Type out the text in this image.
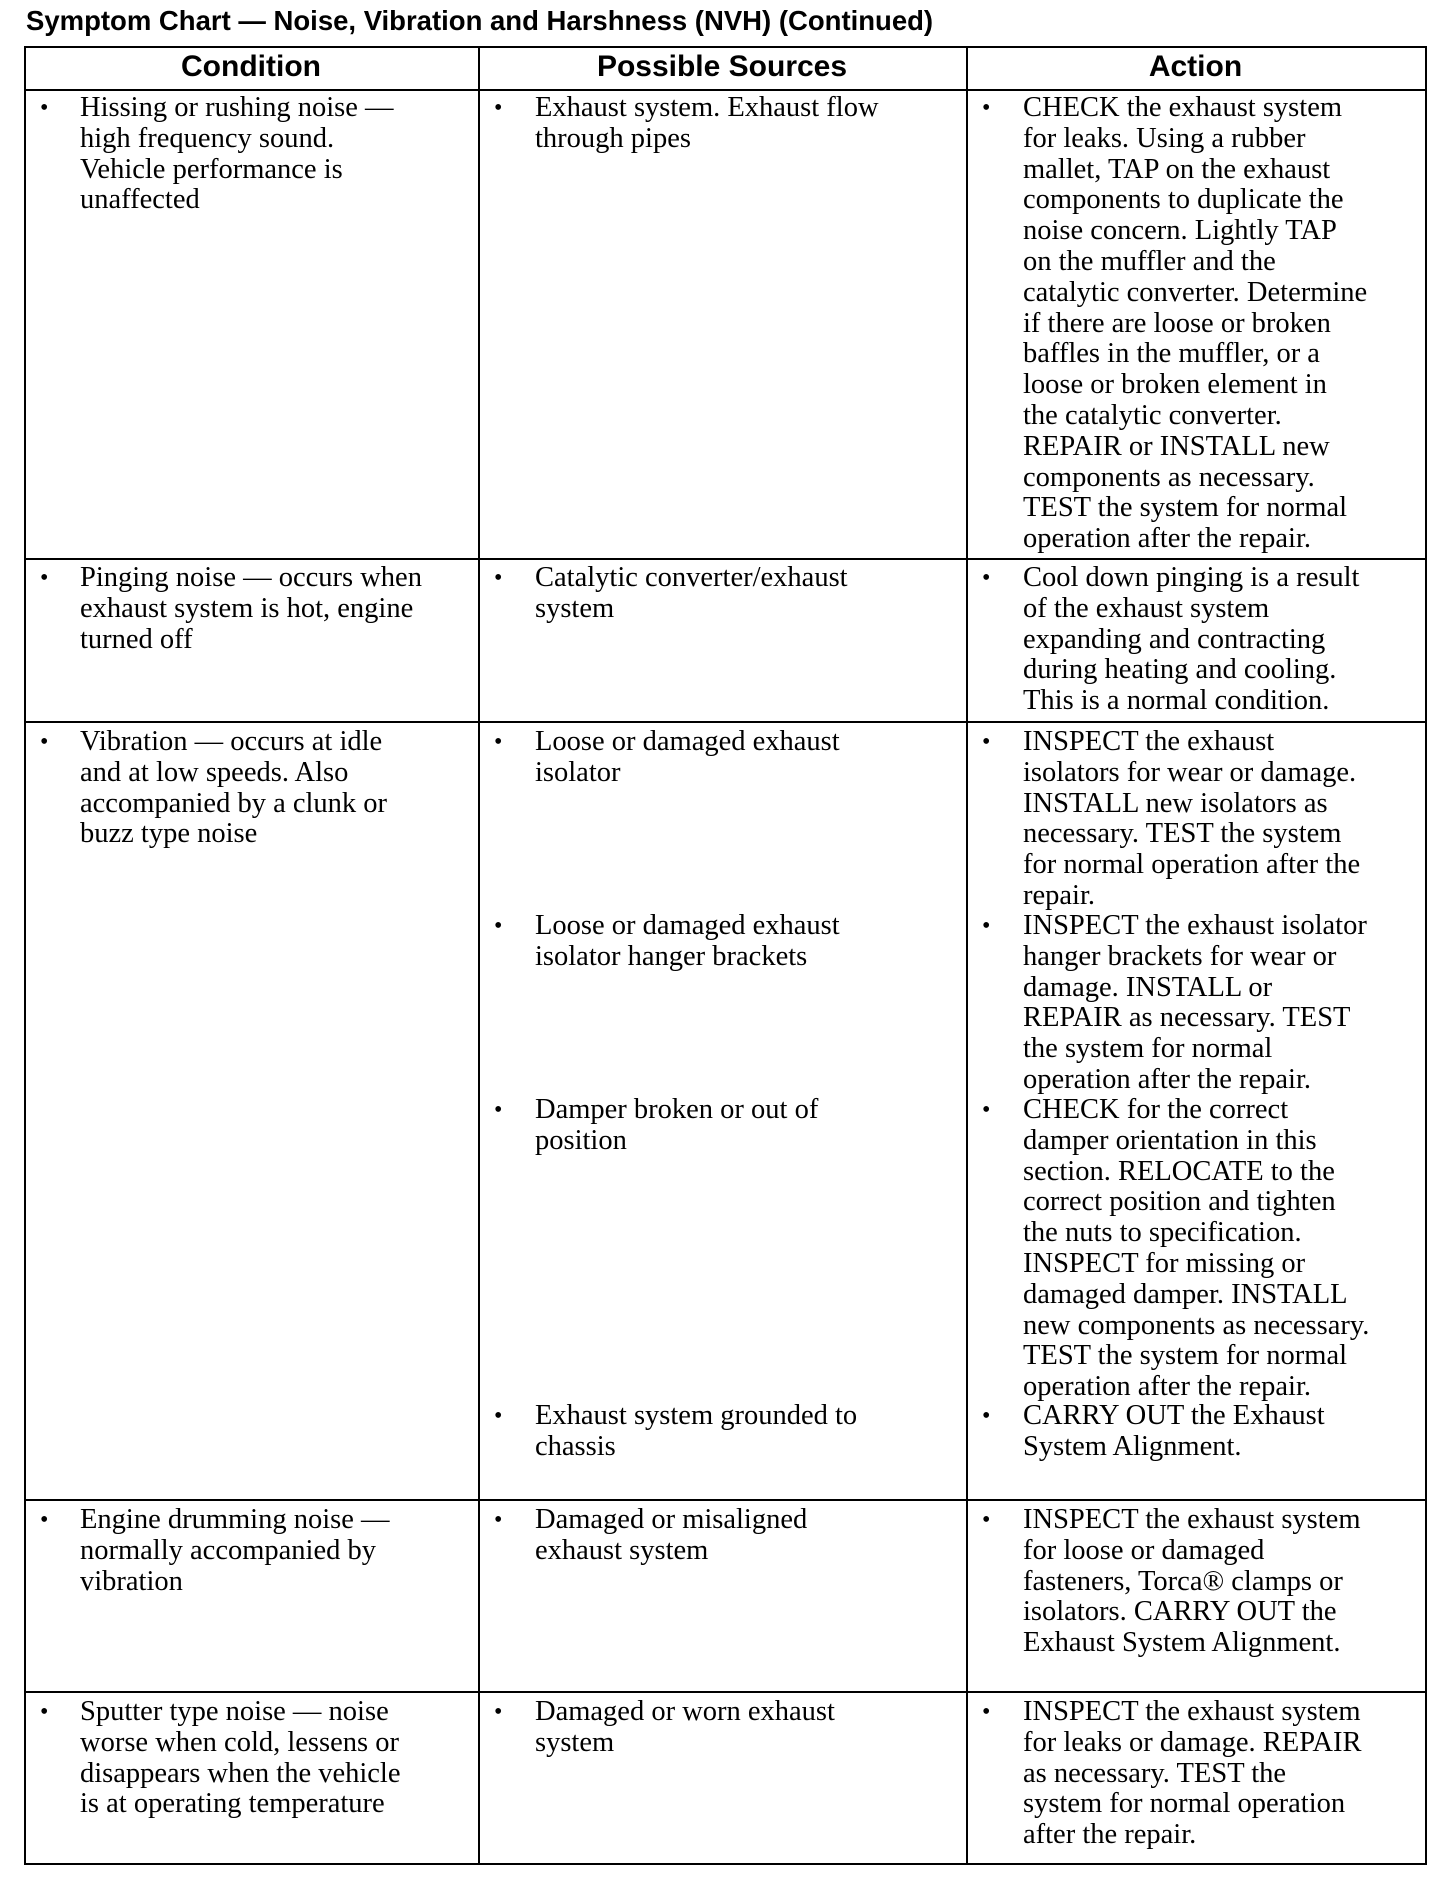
Symptom Chart — Noise, Vibration and Harshness (NVH) (Continued)
Condition	Possible Sources	Action
• Hissing or rushing noise —
high frequency sound.
Vehicle performance is
unaffected
• Exhaust system. Exhaust flow
through pipes
• CHECK the exhaust system
for leaks. Using a rubber
mallet, TAP on the exhaust
components to duplicate the
noise concern. Lightly TAP
on the muffler and the
catalytic converter. Determine
if there are loose or broken
baffles in the muffler, or a
loose or broken element in
the catalytic converter.
REPAIR or INSTALL new
components as necessary.
TEST the system for normal
operation after the repair.
• Pinging noise — occurs when
exhaust system is hot, engine
turned off
• Catalytic converter/exhaust
system
• Cool down pinging is a result
of the exhaust system
expanding and contracting
during heating and cooling.
This is a normal condition.
• Vibration — occurs at idle
and at low speeds. Also
accompanied by a clunk or
buzz type noise
• Loose or damaged exhaust
isolator
• INSPECT the exhaust
isolators for wear or damage.
INSTALL new isolators as
necessary. TEST the system
for normal operation after the
repair.
• Loose or damaged exhaust
isolator hanger brackets
• INSPECT the exhaust isolator
hanger brackets for wear or
damage. INSTALL or
REPAIR as necessary. TEST
the system for normal
operation after the repair.
• Damper broken or out of
position
• CHECK for the correct
damper orientation in this
section. RELOCATE to the
correct position and tighten
the nuts to specification.
INSPECT for missing or
damaged damper. INSTALL
new components as necessary.
TEST the system for normal
operation after the repair.
• Exhaust system grounded to
chassis
• CARRY OUT the Exhaust
System Alignment.
• Engine drumming noise —
normally accompanied by
vibration
• Damaged or misaligned
exhaust system
• INSPECT the exhaust system
for loose or damaged
fasteners, Torca® clamps or
isolators. CARRY OUT the
Exhaust System Alignment.
• Sputter type noise — noise
worse when cold, lessens or
disappears when the vehicle
is at operating temperature
• Damaged or worn exhaust
system
• INSPECT the exhaust system
for leaks or damage. REPAIR
as necessary. TEST the
system for normal operation
after the repair.
